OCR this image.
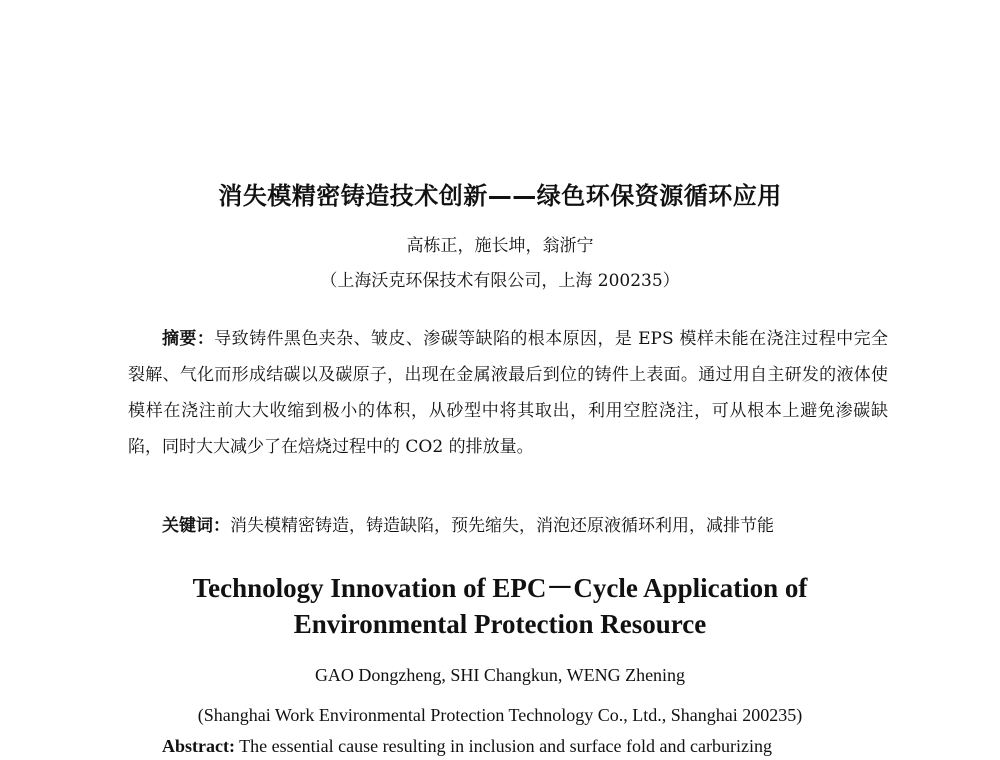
消失模精密铸造技术创新——绿色环保资源循环应用
高栋正，施长坤，翁浙宁
（上海沃克环保技术有限公司，上海 200235）

摘要：导致铸件黑色夹杂、皱皮、渗碳等缺陷的根本原因，是 EPS 模样未能在浇注过程中完全裂解、气化而形成结碳以及碳原子，出现在金属液最后到位的铸件上表面。通过用自主研发的液体使模样在浇注前大大收缩到极小的体积，从砂型中将其取出，利用空腔浇注，可从根本上避免渗碳缺陷，同时大大减少了在焙烧过程中的 CO2 的排放量。

关键词：消失模精密铸造，铸造缺陷，预先缩失，消泡还原液循环利用，减排节能

Technology Innovation of EPC－Cycle Application of
Environmental Protection Resource
GAO Dongzheng, SHI Changkun, WENG Zhening
(Shanghai Work Environmental Protection Technology Co., Ltd., Shanghai 200235)

Abstract: The essential cause resulting in inclusion and surface fold and carburizing
